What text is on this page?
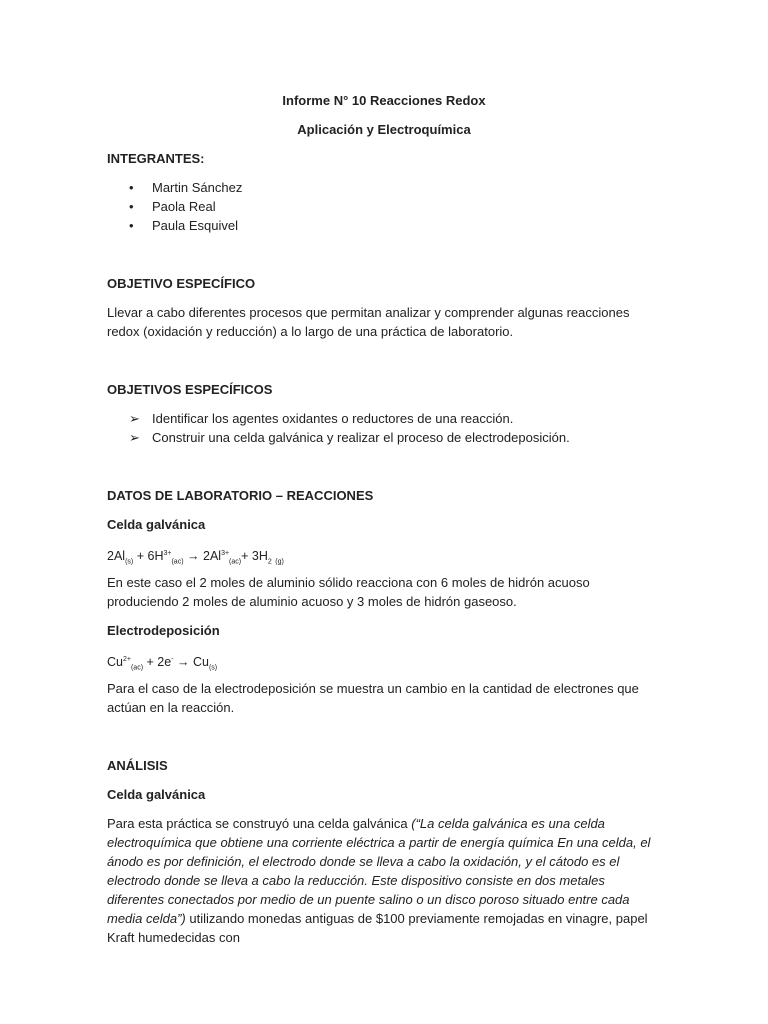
Informe N° 10 Reacciones Redox

Aplicación y Electroquímica

INTEGRANTES:

• Martin Sánchez
• Paola Real
• Paula Esquivel

OBJETIVO ESPECÍFICO

Llevar a cabo diferentes procesos que permitan analizar y comprender algunas reacciones redox (oxidación y reducción) a lo largo de una práctica de laboratorio.

OBJETIVOS ESPECÍFICOS

➢ Identificar los agentes oxidantes o reductores de una reacción.
➢ Construir una celda galvánica y realizar el proceso de electrodeposición.

DATOS DE LABORATORIO – REACCIONES

Celda galvánica

$2Al_{(s)} + 6H^{3+}_{(ac)} \to 2Al^{3+}_{(ac)}+ 3H_2$ $_{(g)}$

En este caso el 2 moles de aluminio sólido reacciona con 6 moles de hidrón acuoso produciendo 2 moles de aluminio acuoso y 3 moles de hidrón gaseoso.

Electrodeposición

$Cu^{2+}_{(ac)} + 2e^- \to Cu_{(s)}$

Para el caso de la electrodeposición se muestra un cambio en la cantidad de electrones que actúan en la reacción.

ANÁLISIS

Celda galvánica

Para esta práctica se construyó una celda galvánica (“La celda galvánica es una celda electroquímica que obtiene una corriente eléctrica a partir de energía química En una celda, el ánodo es por definición, el electrodo donde se lleva a cabo la oxidación, y el cátodo es el electrodo donde se lleva a cabo la reducción. Este dispositivo consiste en dos metales diferentes conectados por medio de un puente salino o un disco poroso situado entre cada media celda”) utilizando monedas antiguas de $100 previamente remojadas en vinagre, papel Kraft humedecidas con
